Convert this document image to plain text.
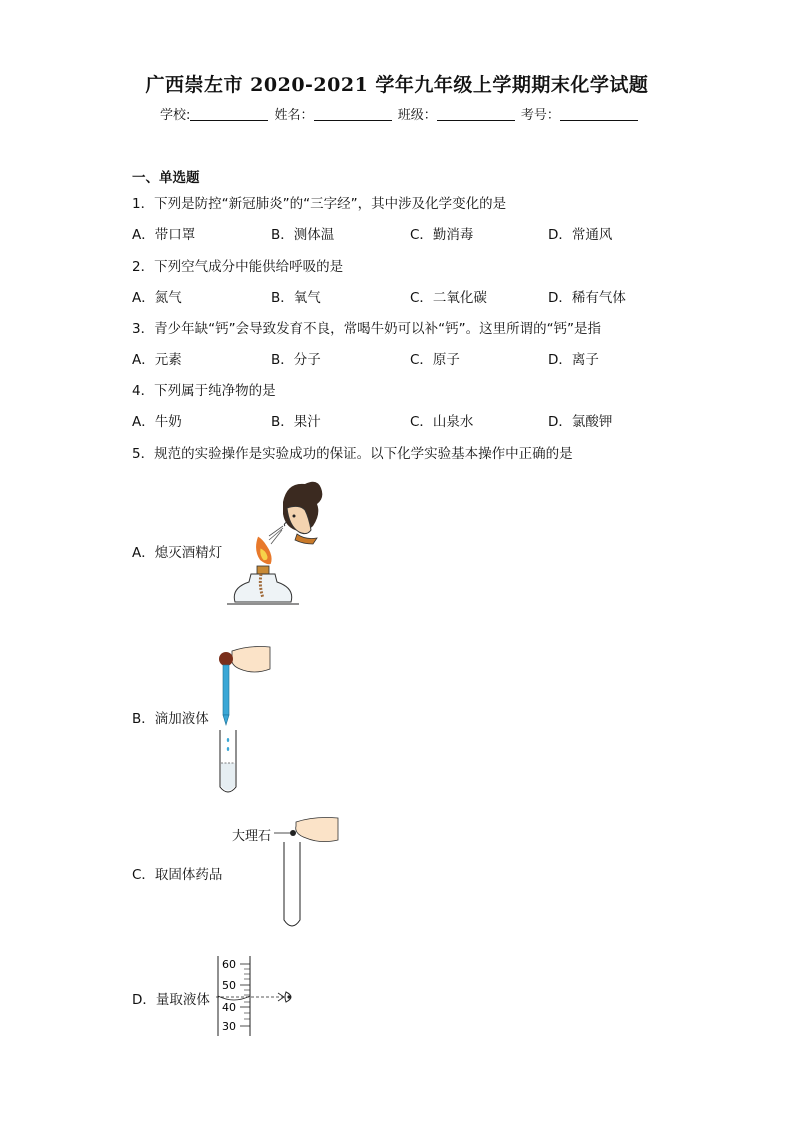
广西崇左市 2020-2021 学年九年级上学期期末化学试题
学校:	姓名：	班级：	考号：
一、单选题
1．下列是防控“新冠肺炎”的“三字经”，其中涉及化学变化的是
A．带口罩	B．测体温	C．勤消毒	D．常通风
2．下列空气成分中能供给呼吸的是
A．氮气	B．氧气	C．二氧化碳	D．稀有气体
3．青少年缺“钙”会导致发育不良，常喝牛奶可以补“钙”。这里所谓的“钙”是指
A．元素	B．分子	C．原子	D．离子
4．下列属于纯净物的是
A．牛奶	B．果汁	C．山泉水	D．氯酸钾
5．规范的实验操作是实验成功的保证。以下化学实验基本操作中正确的是
A．熄灭酒精灯
B．滴加液体
C．取固体药品
大理石
D．量取液体
60
50
40
30
